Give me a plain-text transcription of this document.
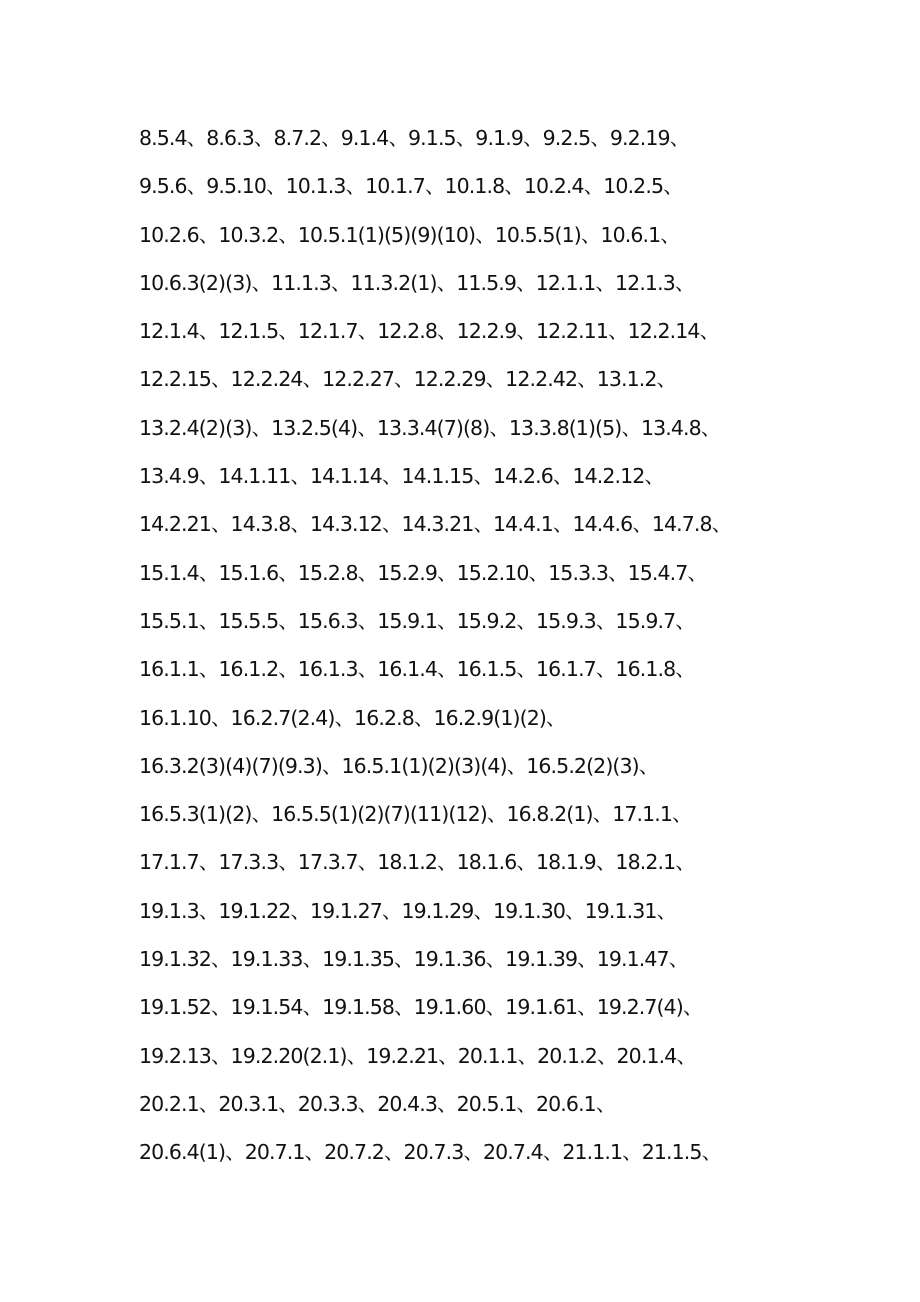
8.5.4、8.6.3、8.7.2、9.1.4、9.1.5、9.1.9、9.2.5、9.2.19、
9.5.6、9.5.10、10.1.3、10.1.7、10.1.8、10.2.4、10.2.5、
10.2.6、10.3.2、10.5.1(1)(5)(9)(10)、10.5.5(1)、10.6.1、
10.6.3(2)(3)、11.1.3、11.3.2(1)、11.5.9、12.1.1、12.1.3、
12.1.4、12.1.5、12.1.7、12.2.8、12.2.9、12.2.11、12.2.14、
12.2.15、12.2.24、12.2.27、12.2.29、12.2.42、13.1.2、
13.2.4(2)(3)、13.2.5(4)、13.3.4(7)(8)、13.3.8(1)(5)、13.4.8、
13.4.9、14.1.11、14.1.14、14.1.15、14.2.6、14.2.12、
14.2.21、14.3.8、14.3.12、14.3.21、14.4.1、14.4.6、14.7.8、
15.1.4、15.1.6、15.2.8、15.2.9、15.2.10、15.3.3、15.4.7、
15.5.1、15.5.5、15.6.3、15.9.1、15.9.2、15.9.3、15.9.7、
16.1.1、16.1.2、16.1.3、16.1.4、16.1.5、16.1.7、16.1.8、
16.1.10、16.2.7(2.4)、16.2.8、16.2.9(1)(2)、
16.3.2(3)(4)(7)(9.3)、16.5.1(1)(2)(3)(4)、16.5.2(2)(3)、
16.5.3(1)(2)、16.5.5(1)(2)(7)(11)(12)、16.8.2(1)、17.1.1、
17.1.7、17.3.3、17.3.7、18.1.2、18.1.6、18.1.9、18.2.1、
19.1.3、19.1.22、19.1.27、19.1.29、19.1.30、19.1.31、
19.1.32、19.1.33、19.1.35、19.1.36、19.1.39、19.1.47、
19.1.52、19.1.54、19.1.58、19.1.60、19.1.61、19.2.7(4)、
19.2.13、19.2.20(2.1)、19.2.21、20.1.1、20.1.2、20.1.4、
20.2.1、20.3.1、20.3.3、20.4.3、20.5.1、20.6.1、
20.6.4(1)、20.7.1、20.7.2、20.7.3、20.7.4、21.1.1、21.1.5、
